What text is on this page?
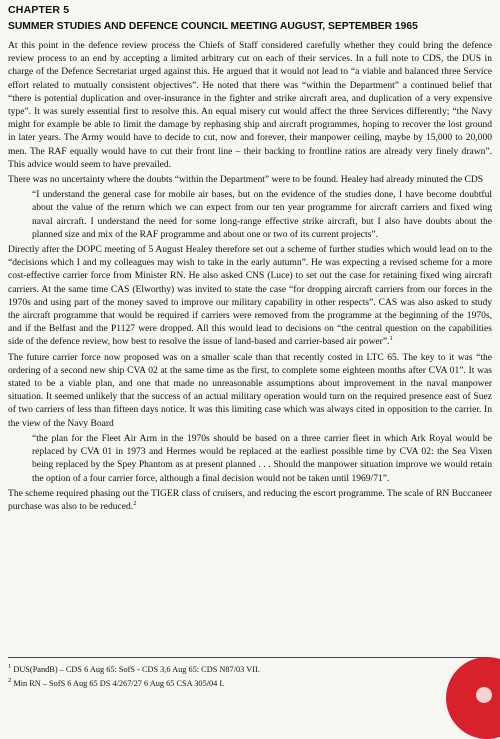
CHAPTER 5
SUMMER STUDIES AND DEFENCE COUNCIL MEETING AUGUST, SEPTEMBER 1965

At this point in the defence review process the Chiefs of Staff considered carefully whether they could bring the defence review process to an end by accepting a limited arbitrary cut on each of their services. In a full note to CDS, the DUS in charge of the Defence Secretariat urged against this. He argued that it would not lead to “a viable and balanced three Service effort related to mutually consistent objectives”. He noted that there was “within the Department” a continued belief that “there is potential duplication and over-insurance in the fighter and strike aircraft area, and duplication of a very expensive type”. It was surely essential first to resolve this. An equal misery cut would affect the three Services differently; “the Navy might for example be able to limit the damage by rephasing ship and aircraft programmes, hoping to recover the lost ground in later years. The Army would have to decide to cut, now and forever, their manpower ceiling, maybe by 15,000 to 20,000 men. The RAF equally would have to cut their front line – their backing to frontline ratios are already very finely drawn”. This advice would seem to have prevailed.

There was no uncertainty where the doubts “within the Department” were to be found. Healey had already minuted the CDS

“I understand the general case for mobile air bases, but on the evidence of the studies done, I have become doubtful about the value of the return which we can expect from our ten year programme for aircraft carriers and fixed wing naval aircraft. I understand the need for some long-range effective strike aircraft, but I also have doubts about the planned size and mix of the RAF programme and about one or two of its current projects”.

Directly after the DOPC meeting of 5 August Healey therefore set out a scheme of further studies which would lead on to the “decisions which I and my colleagues may wish to take in the early autumn”. He was expecting a revised scheme for a more cost-effective carrier force from Minister RN. He also asked CNS (Luce) to set out the case for retaining fixed wing aircraft carriers. At the same time CAS (Elworthy) was invited to state the case “for dropping aircraft carriers from our forces in the 1970s and using part of the money saved to improve our military capability in other respects”. CAS was also asked to study the aircraft programme that would be required if carriers were removed from the programme at the beginning of the 1970s, and if the Belfast and the P1127 were dropped. All this would lead to decisions on “the central question on the capabilities side of the defence review, how best to resolve the issue of land-based and carrier-based air power”.$^1$

The future carrier force now proposed was on a smaller scale than that recently costed in LTC 65. The key to it was “the ordering of a second new ship CVA 02 at the same time as the first, to complete some eighteen months after CVA 01”. It was stated to be a viable plan, and one that made no unreasonable assumptions about improvement in the naval manpower situation. It seemed unlikely that the success of an actual military operation would turn on the required presence east of Suez of two carriers of less than fifteen days notice. It was this limiting case which was always cited in opposition to the carrier. In the view of the Navy Board

“the plan for the Fleet Air Arm in the 1970s should be based on a three carrier fleet in which Ark Royal would be replaced by CVA 01 in 1973 and Hermes would be replaced at the earliest possible time by CVA 02: the Sea Vixen being replaced by the Spey Phantom as at present planned . . . Should the manpower situation improve we would retain the option of a four carrier force, although a final decision would not be taken until 1969/71”.

The scheme required phasing out the TIGER class of cruisers, and reducing the escort programme. The scale of RN Buccaneer purchase was also to be reduced.$^2$

$^1$ DUS(PandB) – CDS 6 Aug 65: SofS - CDS 3,6 Aug 65: CDS N87/03 VII.
$^2$ Min RN – SofS 6 Aug 65 DS 4/267/27 6 Aug 65 CSA 305/04 I.
